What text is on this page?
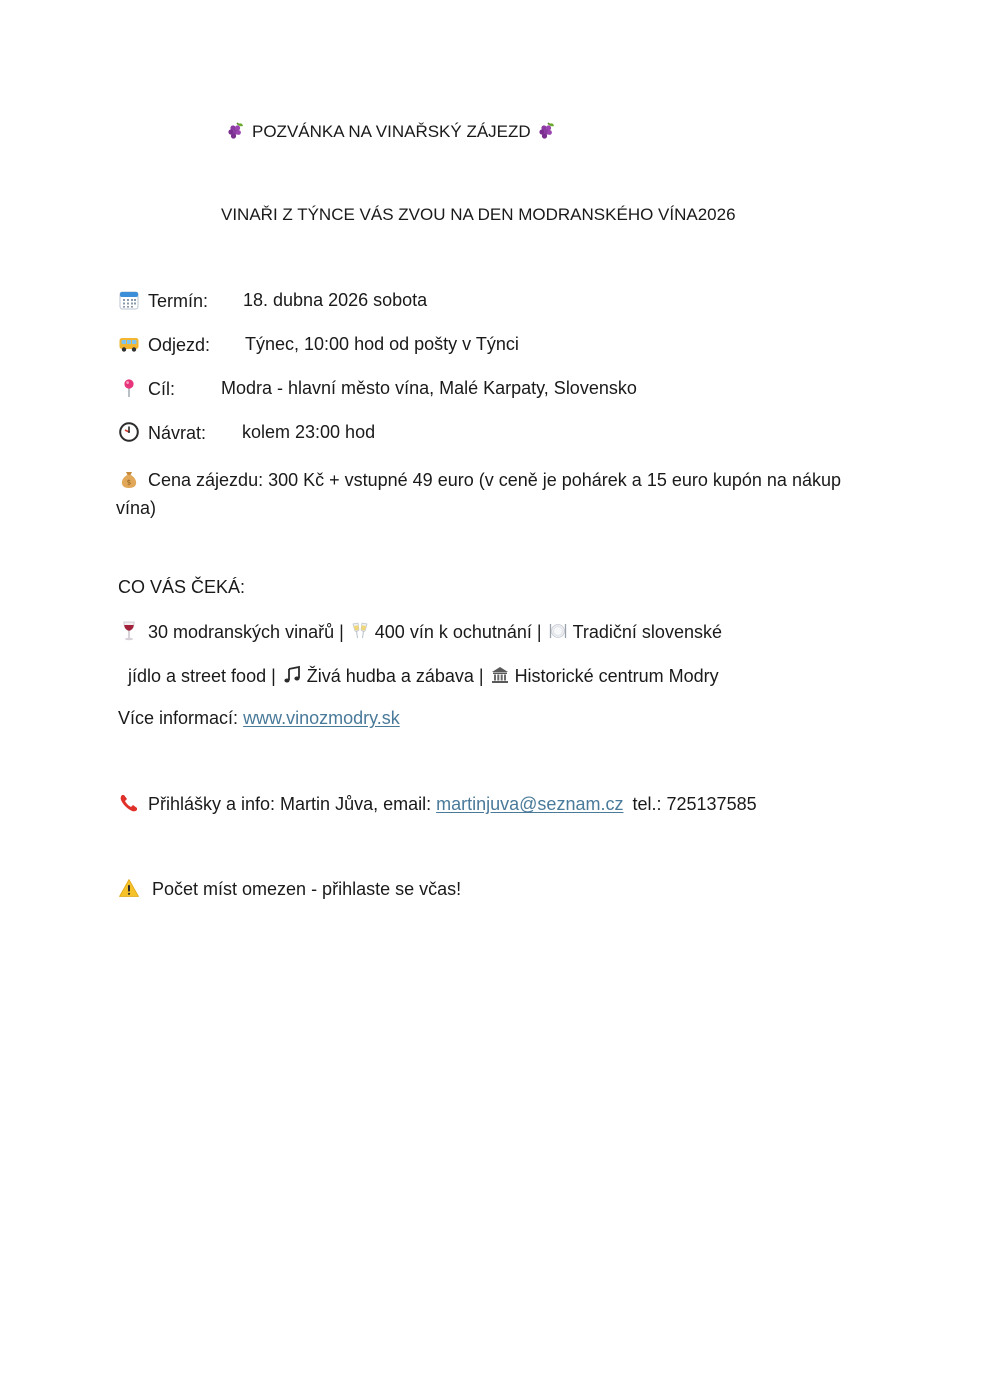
POZVÁNKA NA VINAŘSKÝ ZÁJEZD
VINAŘI Z TÝNCE VÁS ZVOU NA DEN MODRANSKÉHO VÍNA2026
Termín: 18. dubna 2026 sobota
Odjezd: Týnec, 10:00 hod od pošty v Týnci
Cíl:	Modra - hlavní město vína, Malé Karpaty, Slovensko
Návrat: kolem 23:00 hod
$ Cena zájezdu: 300 Kč + vstupné 49 euro (v ceně je pohárek a 15 euro kupón na nákup vína)
CO VÁS ČEKÁ:
30 modranských vinařů | 400 vín k ochutnání | Tradiční slovenské
jídlo a street food | Živá hudba a zábava | Historické centrum Modry
Více informací: www.vinozmodry.sk
Přihlášky a info: Martin Jůva, email: martinjuva@seznam.cz tel.: 725137585
Počet míst omezen - přihlaste se včas!
